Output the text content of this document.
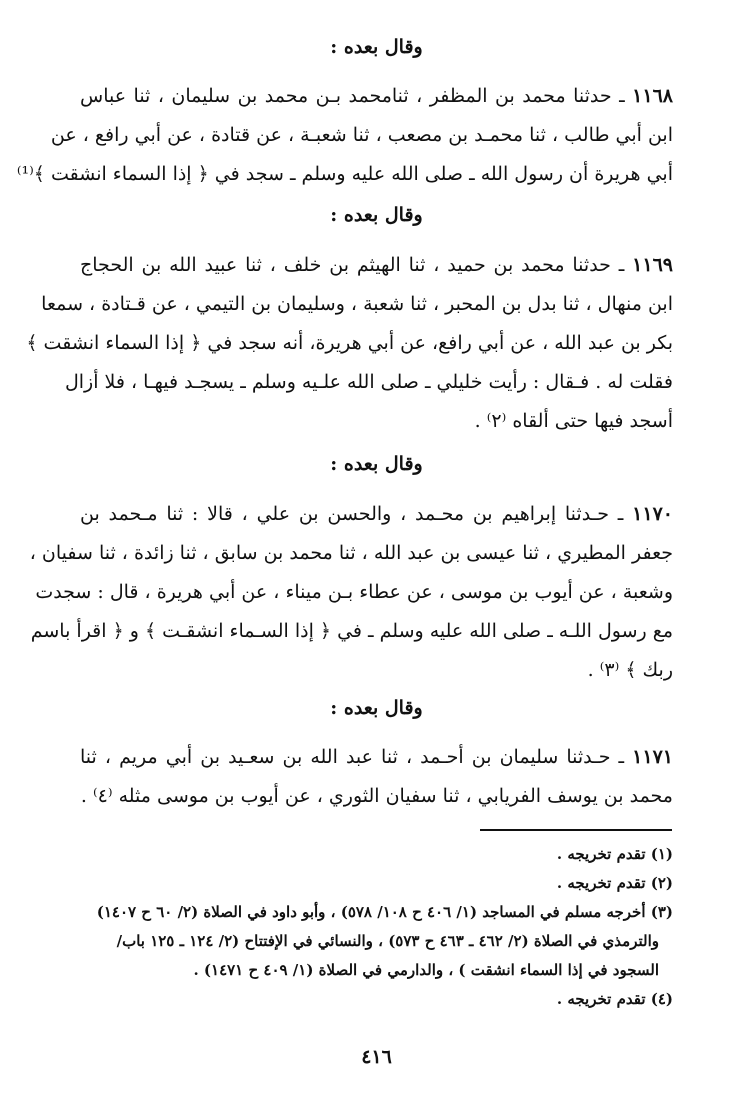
وقال بعده :
١١٦٨ ـ حدثنا محمد بن المظفر ، ثنامحمد بـن محمد بن سليمان ، ثنا عباس
ابن أبي طالب ، ثنا محمـد بن مصعب ، ثنا شعبـة ، عن قتادة ، عن أبي رافع ، عن
أبي هريرة أن رسول الله ـ صلى الله عليه وسلم ـ سجد في ﴿ إذا السماء انشقت ﴾⁽¹⁾
وقال بعده :
١١٦٩ ـ حدثنا محمد بن حميد ، ثنا الهيثم بن خلف ، ثنا عبيد الله بن الحجاج
ابن منهال ، ثنا بدل بن المحبر ، ثنا شعبة ، وسليمان بن التيمي ، عن قـتادة ، سمعا
بكر بن عبد الله ، عن أبي رافع، عن أبي هريرة، أنه سجد في ﴿ إذا السماء انشقت ﴾
فقلت له . فـقال : رأيت خليلي ـ صلى الله علـيه وسلم ـ يسجـد فيهـا ، فلا أزال
أسجد فيها حتى ألقاه ⁽٢⁾ .
وقال بعده :
١١٧٠ ـ حـدثنا إبراهيم بن محـمد ، والحسن بن علي ، قالا : ثنا مـحمد بن
جعفر المطيري ، ثنا عيسى بن عبد الله ، ثنا محمد بن سابق ، ثنا زائدة ، ثنا سفيان ،
وشعبة ، عن أيوب بن موسى ، عن عطاء بـن ميناء ، عن أبي هريرة ، قال : سجدت
مع رسول اللـه ـ صلى الله عليه وسلم ـ في ﴿ إذا السـماء انشقـت ﴾ و ﴿ اقرأ باسم
ربك ﴾ ⁽٣⁾ .
وقال بعده :
١١٧١ ـ حـدثنا سليمان بن أحـمد ، ثنا عبد الله بن سعـيد بن أبي مريم ، ثنا
محمد بن يوسف الفريابي ، ثنا سفيان الثوري ، عن أيوب بن موسى مثله ⁽٤⁾ .
(١) تقدم تخريجه .
(٢) تقدم تخريجه .
(٣) أخرجه مسلم في المساجد (١/ ٤٠٦ ح ١٠٨/ ٥٧٨) ، وأبو داود في الصلاة (٢/ ٦٠ ح ١٤٠٧)
والترمذي في الصلاة (٢/ ٤٦٢ ـ ٤٦٣ ح ٥٧٣) ، والنسائي في الإفتتاح (٢/ ١٢٤ ـ ١٢٥ باب/
السجود في إذا السماء انشقت ) ، والدارمي في الصلاة (١/ ٤٠٩ ح ١٤٧١) .
(٤) تقدم تخريجه .
٤١٦
